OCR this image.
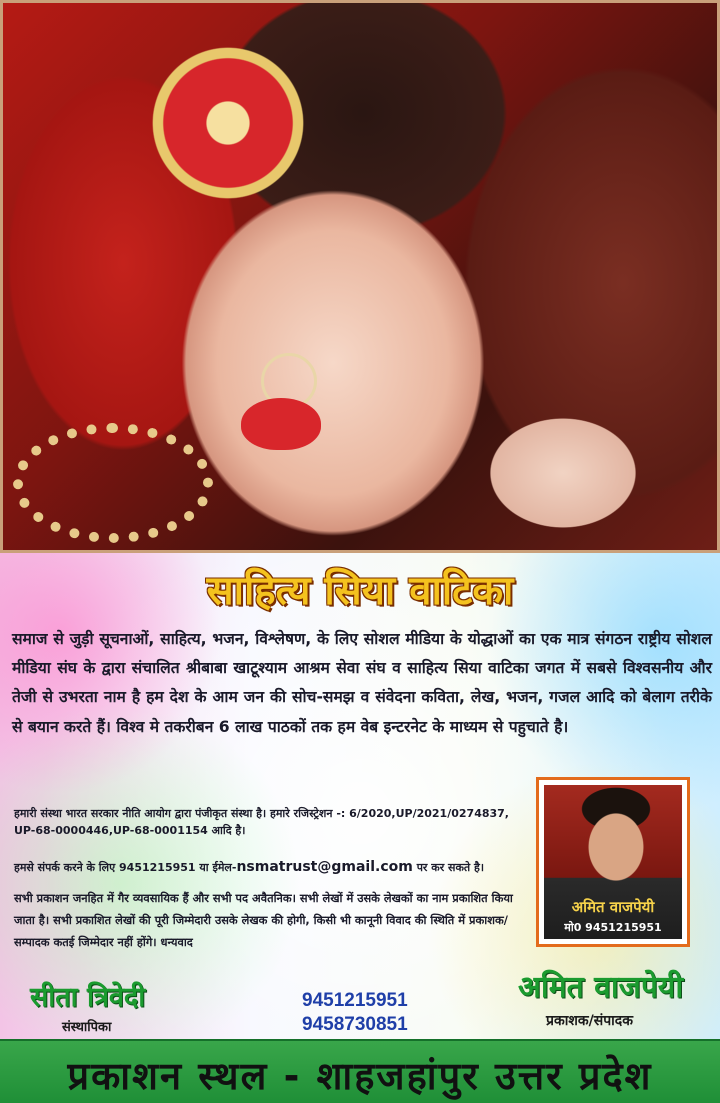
साहित्य सिया वाटिका
समाज से जुड़ी सूचनाओं, साहित्य, भजन, विश्लेषण, के लिए सोशल मीडिया के योद्धाओं का एक मात्र संगठन राष्ट्रीय सोशल मीडिया संघ के द्वारा संचालित श्रीबाबा खाटूश्याम आश्रम सेवा संघ व साहित्य सिया वाटिका जगत में सबसे विश्वसनीय और तेजी से उभरता नाम है हम देश के आम जन की सोच-समझ व संवेदना कविता, लेख, भजन, गजल आदि को बेलाग तरीके से बयान करते हैं। विश्व मे तकरीबन 6 लाख पाठकों तक हम वेब इन्टरनेट के माध्यम से पहुचाते है।
हमारी संस्था भारत सरकार नीति आयोग द्वारा पंजीकृत संस्था है। हमारे रजिस्ट्रेशन -: 6/2020,UP/2021/0274837, UP-68-0000446,UP-68-0001154 आदि है।
हमसे संपर्क करने के लिए 9451215951 या ईमेल-nsmatrust@gmail.com पर कर सकते है।
सभी प्रकाशन जनहित में गैर व्यवसायिक हैं और सभी पद अवैतनिक। सभी लेखों में उसके लेखकों का नाम प्रकाशित किया जाता है। सभी प्रकाशित लेखों की पूरी जिम्मेदारी उसके लेखक की होगी, किसी भी कानूनी विवाद की स्थिति में प्रकाशक/सम्पादक कतई जिम्मेदार नहीं होंगे। धन्यवाद
अमित वाजपेयी
मो0 9451215951
सीता त्रिवेदी
संस्थापिका
9451215951
9458730851
अमित वाजपेयी
प्रकाशक/संपादक
प्रकाशन स्थल - शाहजहांपुर उत्तर प्रदेश
